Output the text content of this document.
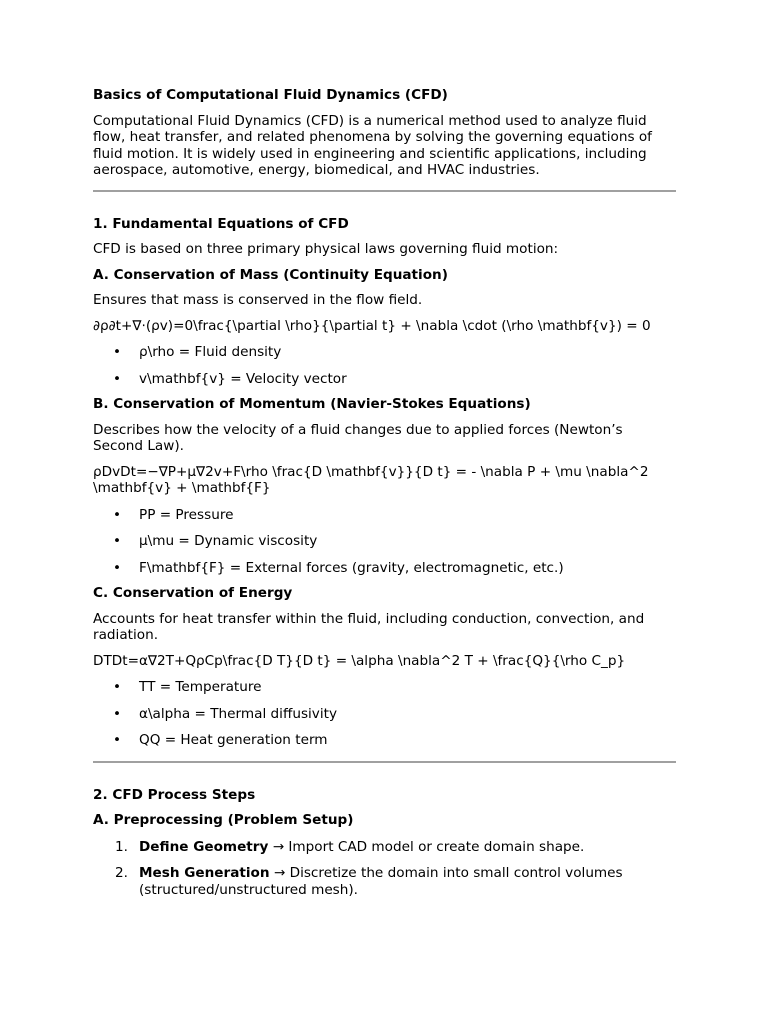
Basics of Computational Fluid Dynamics (CFD)

Computational Fluid Dynamics (CFD) is a numerical method used to analyze fluid flow, heat transfer, and related phenomena by solving the governing equations of fluid motion. It is widely used in engineering and scientific applications, including aerospace, automotive, energy, biomedical, and HVAC industries.

1. Fundamental Equations of CFD

CFD is based on three primary physical laws governing fluid motion:

A. Conservation of Mass (Continuity Equation)

Ensures that mass is conserved in the flow field.

∂ρ∂t+∇⋅(ρv)=0\frac{\partial \rho}{\partial t} + \nabla \cdot (\rho \mathbf{v}) = 0

• ρ\rho = Fluid density
• v\mathbf{v} = Velocity vector

B. Conservation of Momentum (Navier-Stokes Equations)

Describes how the velocity of a fluid changes due to applied forces (Newton’s Second Law).

ρDvDt=−∇P+μ∇2v+F\rho \frac{D \mathbf{v}}{D t} = - \nabla P + \mu \nabla^2 \mathbf{v} + \mathbf{F}

• PP = Pressure
• μ\mu = Dynamic viscosity
• F\mathbf{F} = External forces (gravity, electromagnetic, etc.)

C. Conservation of Energy

Accounts for heat transfer within the fluid, including conduction, convection, and radiation.

DTDt=α∇2T+QρCp\frac{D T}{D t} = \alpha \nabla^2 T + \frac{Q}{\rho C_p}

• TT = Temperature
• α\alpha = Thermal diffusivity
• QQ = Heat generation term

2. CFD Process Steps

A. Preprocessing (Problem Setup)

1. Define Geometry → Import CAD model or create domain shape.
2. Mesh Generation → Discretize the domain into small control volumes (structured/unstructured mesh).
